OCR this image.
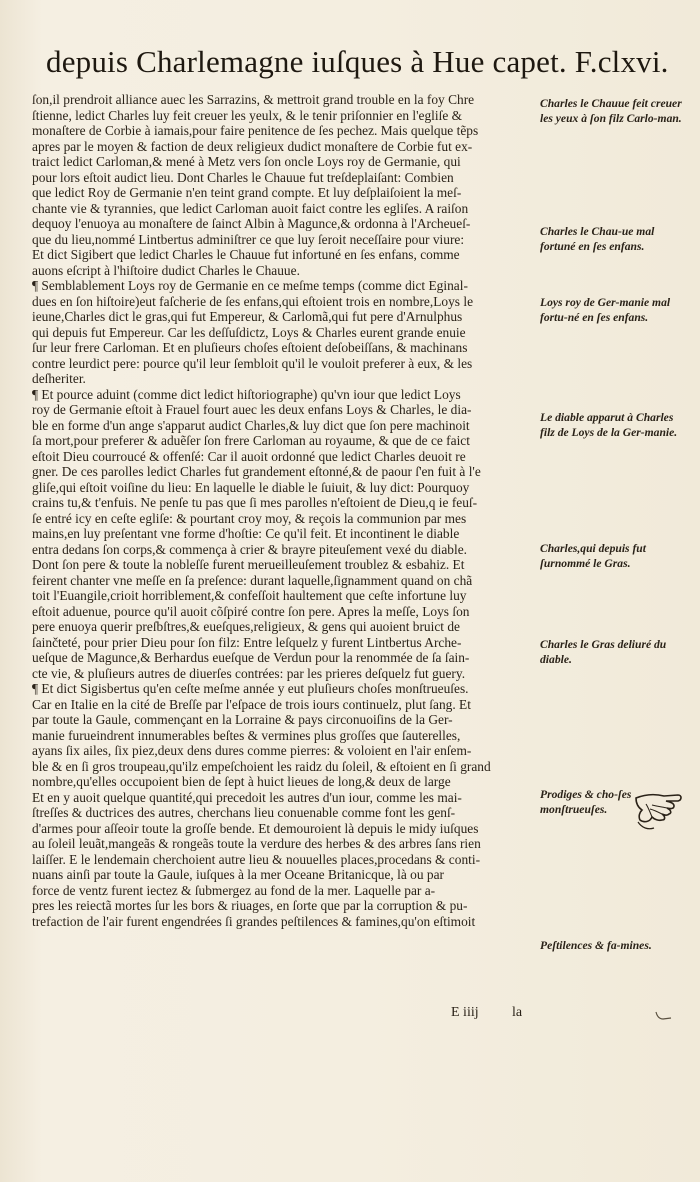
depuis Charlemagne iuſques à Hue capet. F.clxvi.
ſon,il prendroit alliance auec les Sarrazins, & mettroit grand trouble en la foy Chre
ſtienne, ledict Charles luy feit creuer les yeulx, & le tenir priſonnier en l'egliſe &
monaſtere de Corbie à iamais,pour faire penitence de ſes pechez. Mais quelque tẽps
apres par le moyen & faction de deux religieux dudict monaſtere de Corbie fut ex-
traict ledict Carloman,& mené à Metz vers ſon oncle Loys roy de Germanie, qui
pour lors eſtoit audict lieu. Dont Charles le Chauue fut treſdeplaiſant: Combien
que ledict Roy de Germanie n'en teint grand compte. Et luy deſplaiſoient la meſ-
chante vie & tyrannies, que ledict Carloman auoit faict contre les egliſes. A raiſon
dequoy l'enuoya au monaſtere de ſainct Albin à Magunce,& ordonna à l'Archeueſ-
que du lieu,nommé Lintbertus adminiſtrer ce que luy ſeroit neceſſaire pour viure:
Et dict Sigibert que ledict Charles le Chauue fut infortuné en ſes enfans, comme
auons eſcript à l'hiſtoire dudict Charles le Chauue.
¶ Semblablement Loys roy de Germanie en ce meſme temps (comme dict Eginal-
dues en ſon hiſtoire)eut faſcherie de ſes enfans,qui eſtoient trois en nombre,Loys le
ieune,Charles dict le gras,qui fut Empereur, & Carlomã,qui fut pere d'Arnulphus
qui depuis fut Empereur. Car les deſſuſdictz, Loys & Charles eurent grande enuie
ſur leur frere Carloman. Et en pluſieurs choſes eſtoient deſobeiſſans, & machinans
contre leurdict pere: pource qu'il leur ſembloit qu'il le vouloit preferer à eux, & les
deſheriter.
¶ Et pource aduint (comme dict ledict hiſtoriographe) qu'vn iour que ledict Loys
roy de Germanie eſtoit à Frauel fourt auec les deux enfans Loys & Charles, le dia-
ble en forme d'un ange s'apparut audict Charles,& luy dict que ſon pere machinoit
ſa mort,pour preferer & aduẽſer ſon frere Carloman au royaume, & que de ce faict
eſtoit Dieu courroucé & offenſé: Car il auoit ordonné que ledict Charles deuoit re
gner. De ces parolles ledict Charles fut grandement eſtonné,& de paour ſ'en fuit à l'e
gliſe,qui eſtoit voiſine du lieu: En laquelle le diable le ſuiuit, & luy dict: Pourquoy
crains tu,& t'enfuis. Ne penſe tu pas que ſi mes parolles n'eſtoient de Dieu,q ie feuſ-
ſe entré icy en ceſte egliſe: & pourtant croy moy, & reçois la communion par mes
mains,en luy preſentant vne forme d'hoſtie: Ce qu'il feit. Et incontinent le diable
entra dedans ſon corps,& commença à crier & brayre piteuſement vexé du diable.
Dont ſon pere & toute la nobleſſe furent merueilleuſement troublez & esbahiz. Et
feirent chanter vne meſſe en ſa preſence: durant laquelle,ſignamment quand on chã
toit l'Euangile,crioit horriblement,& confeſſoit haultement que ceſte infortune luy
eſtoit aduenue, pource qu'il auoit cõſpiré contre ſon pere. Apres la meſſe, Loys ſon
pere enuoya querir preſbſtres,& eueſques,religieux, & gens qui auoient bruict de
ſainčteté, pour prier Dieu pour ſon filz: Entre leſquelz y furent Lintbertus Arche-
ueſque de Magunce,& Berhardus eueſque de Verdun pour la renommée de ſa ſain-
cte vie, & pluſieurs autres de diuerſes contrées: par les prieres deſquelz fut guery.
¶ Et dict Sigisbertus qu'en ceſte meſme année y eut pluſieurs choſes monſtrueuſes.
Car en Italie en la cité de Breſſe par l'eſpace de trois iours continuelz, plut ſang. Et
par toute la Gaule, commençant en la Lorraine & pays circonuoiſins de la Ger-
manie furueindrent innumerables beſtes & vermines plus groſſes que ſauterelles,
ayans ſix ailes, ſix piez,deux dens dures comme pierres: & voloient en l'air enſem-
ble & en ſi gros troupeau,qu'ilz empeſchoient les raidz du ſoleil, & eſtoient en ſi grand
nombre,qu'elles occupoient bien de ſept à huict lieues de long,& deux de large
Et en y auoit quelque quantité,qui precedoit les autres d'un iour, comme les mai-
ſtreſſes & ductrices des autres, cherchans lieu conuenable comme font les genſ-
d'armes pour aſſeoir toute la groſſe bende. Et demouroient là depuis le midy iuſques
au ſoleil leuãt,mangeãs & rongeãs toute la verdure des herbes & des arbres ſans rien
laiſſer. E le lendemain cherchoient autre lieu & nouuelles places,procedans & conti-
nuans ainſi par toute la Gaule, iuſques à la mer Oceane Britanicque, là ou par
force de ventz furent iectez & ſubmergez au fond de la mer. Laquelle par a-
pres les reiectã mortes ſur les bors & riuages, en ſorte que par la corruption & pu-
trefaction de l'air furent engendrées ſi grandes peſtilences & famines,qu'on eſtimoit
Charles le Chauue feit creuer les yeux à ſon filz Carlo-man.
Charles le Chau-ue mal fortuné en ſes enfans.
Loys roy de Ger-manie mal fortu-né en ſes enfans.
Le diable apparut à Charles filz de Loys de la Ger-manie.
Charles,qui depuis fut ſurnommé le Gras.
Charles le Gras deliuré du diable.
Prodiges & cho-ſes monſtrueuſes.
Peſtilences & fa-mines.
E iiij la
